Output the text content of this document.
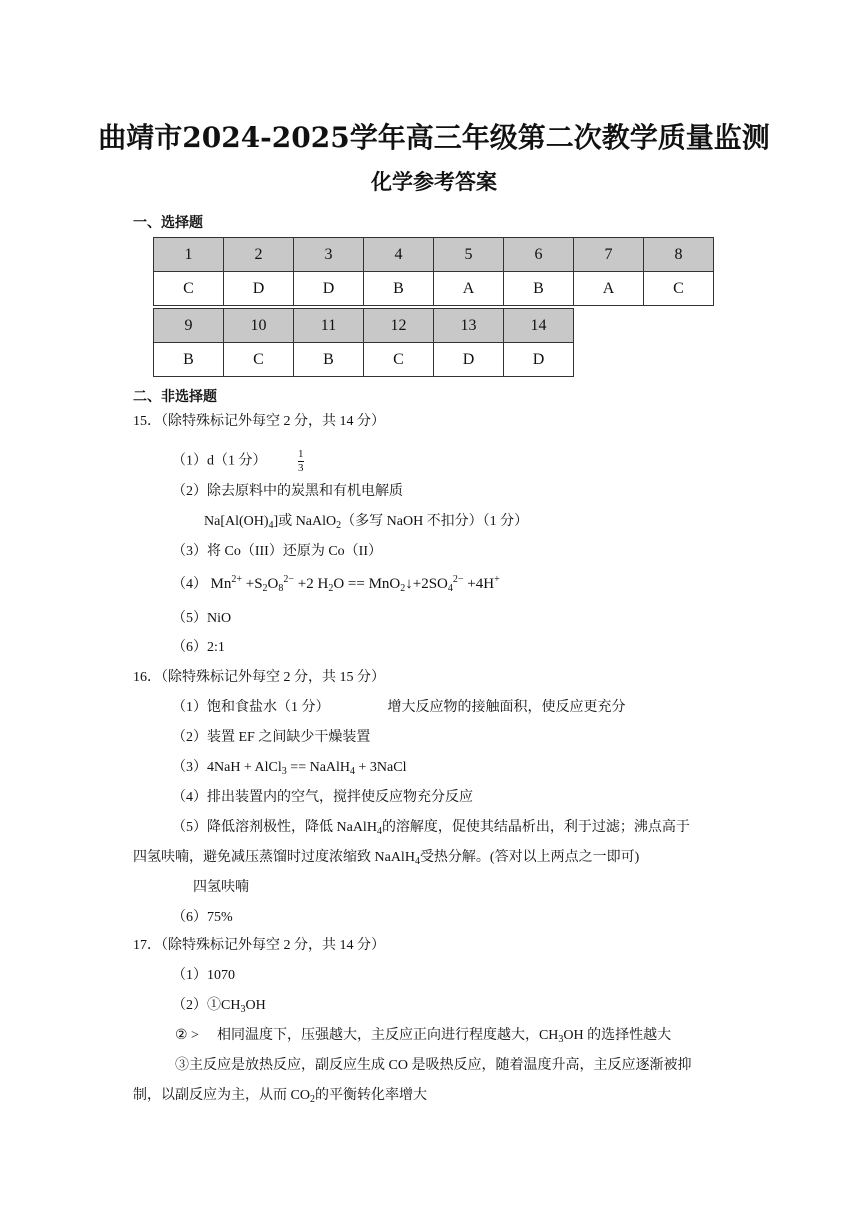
曲靖市2024-2025学年高三年级第二次教学质量监测
化学参考答案
一、选择题
1	2	3	4	5	6	7	8
C	D	D	B	A	B	A	C
9	10	11	12	13	14
B	C	B	C	D	D
二、非选择题
15．（除特殊标记外每空 2 分，共 14 分）
（1）d（1 分）	$\frac{1}{3}$
（2）除去原料中的炭黑和有机电解质
$Na[Al(OH)_4]$或 NaAlO$_2$（多写 NaOH 不扣分）（1 分）
（3）将 Co（III）还原为 Co（II）
（4） $Mn^{2+} +S_2O_8^{2-} +2$ $H_2O$ == $MnO_2↓+2SO_4^{2-} +4H^+$
（5）NiO
（6）2:1
16．（除特殊标记外每空 2 分，共 15 分）
（1）饱和食盐水（1 分）	增大反应物的接触面积，使反应更充分
（2）装置 EF 之间缺少干燥装置
（3）4NaH + AlCl$_3$ == NaAlH$_4$ + 3NaCl
（4）排出装置内的空气，搅拌使反应物充分反应
（5）降低溶剂极性，降低 NaAlH$_4$的溶解度，促使其结晶析出，利于过滤；沸点高于
四氢呋喃，避免减压蒸馏时过度浓缩致 NaAlH$_4$受热分解。(答对以上两点之一即可)
四氢呋喃
（6）75%
17．（除特殊标记外每空 2 分，共 14 分）
（1）1070
$(2)①CH_3OH$
② > 相同温度下，压强越大，主反应正向进行程度越大，$CH_3OH$ 的选择性越大
③主反应是放热反应，副反应生成 CO 是吸热反应，随着温度升高，主反应逐渐被抑
制，以副反应为主，从而 $CO_2$的平衡转化率增大
